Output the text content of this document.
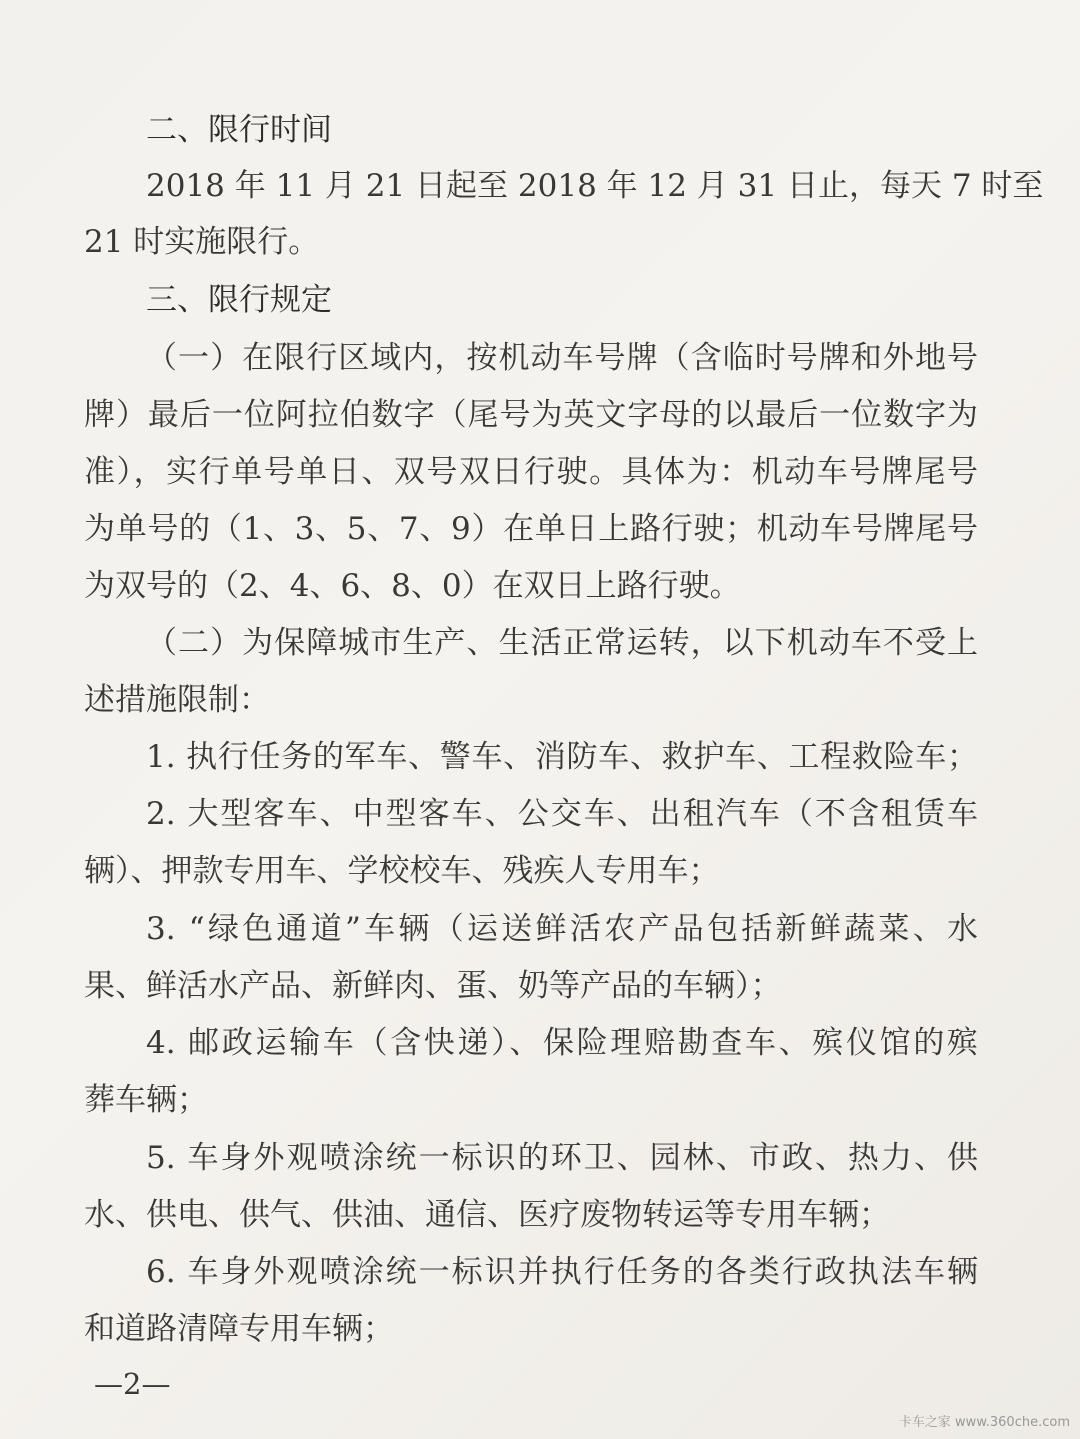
二、限行时间
2018 年 11 月 21 日起至 2018 年 12 月 31 日止，每天 7 时至
21 时实施限行。
三、限行规定
（一）在限行区域内，按机动车号牌（含临时号牌和外地号
牌）最后一位阿拉伯数字（尾号为英文字母的以最后一位数字为
准），实行单号单日、双号双日行驶。具体为：机动车号牌尾号
为单号的（1、3、5、7、9）在单日上路行驶；机动车号牌尾号
为双号的（2、4、6、8、0）在双日上路行驶。
（二）为保障城市生产、生活正常运转，以下机动车不受上
述措施限制：
1. 执行任务的军车、警车、消防车、救护车、工程救险车；
2. 大型客车、中型客车、公交车、出租汽车（不含租赁车
辆）、押款专用车、学校校车、残疾人专用车；
3. “绿色通道”车辆（运送鲜活农产品包括新鲜蔬菜、水
果、鲜活水产品、新鲜肉、蛋、奶等产品的车辆）；
4. 邮政运输车（含快递）、保险理赔勘查车、殡仪馆的殡
葬车辆；
5. 车身外观喷涂统一标识的环卫、园林、市政、热力、供
水、供电、供气、供油、通信、医疗废物转运等专用车辆；
6. 车身外观喷涂统一标识并执行任务的各类行政执法车辆
和道路清障专用车辆；
—2—
卡车之家 www.360che.com
